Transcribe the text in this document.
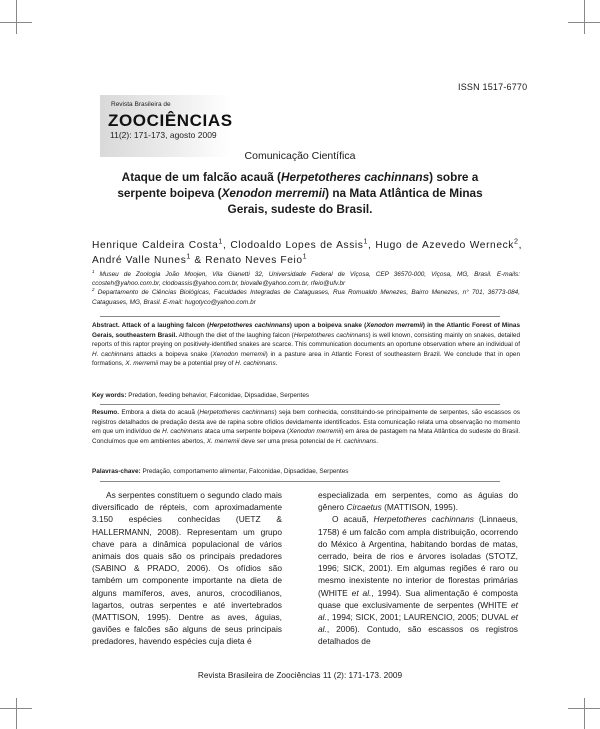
ISSN 1517-6770
Revista Brasileira de
ZOOCIÊNCIAS
11(2): 171-173, agosto 2009
Comunicação Científica
Ataque de um falcão acauã (Herpetotheres cachinnans) sobre a serpente boipeva (Xenodon merremii) na Mata Atlântica de Minas Gerais, sudeste do Brasil.
Henrique Caldeira Costa$^1$, Clodoaldo Lopes de Assis$^1$, Hugo de Azevedo Werneck$^2$, André Valle Nunes$^1$ & Renato Neves Feio$^1$
$^1$ Museu de Zoologia João Moojen, Vila Gianetti 32, Universidade Federal de Viçosa, CEP 36570-000, Viçosa, MG, Brasil. E-mails: ccosteh@yahoo.com.br, clodoassis@yahoo.com.br, biovalle@yahoo.com.br, rfeio@ufv.br
$^2$ Departamento de Ciências Biológicas, Faculdades Integradas de Cataguases, Rua Romualdo Menezes, Bairro Menezes, n° 701, 36773-084, Cataguases, MG, Brasil. E-mail: hugotyco@yahoo.com.br
Abstract. Attack of a laughing falcon (Herpetotheres cachinnans) upon a boipeva snake (Xenodon merremii) in the Atlantic Forest of Minas Gerais, southeastern Brasil. Although the diet of the laughing falcon (Herpetotheres cachinnans) is well known, consisting mainly on snakes, detailed reports of this raptor preying on positively-identified snakes are scarce. This communication documents an oportune observation where an individual of H. cachinnans attacks a boipeva snake (Xenodon merremii) in a pasture area in Atlantic Forest of southeastern Brazil. We conclude that in open formations, X. merremii may be a potential prey of H. cachinnans.
Key words: Predation, feeding behavior, Falconidae, Dipsadidae, Serpentes
Resumo. Embora a dieta do acauã (Herpetotheres cachinnans) seja bem conhecida, constituindo-se principalmente de serpentes, são escassos os registros detalhados de predação desta ave de rapina sobre ofídios devidamente identificados. Esta comunicação relata uma observação no momento em que um indivíduo de H. cachinnans ataca uma serpente boipeva (Xenodon merremii) em área de pastagem na Mata Atlântica do sudeste do Brasil. Concluímos que em ambientes abertos, X. merremii deve ser uma presa potencial de H. cachinnans.
Palavras-chave: Predação, comportamento alimentar, Falconidae, Dipsadidae, Serpentes

As serpentes constituem o segundo clado mais diversificado de répteis, com aproximadamente 3.150 espécies conhecidas (UETZ & HALLERMANN, 2008). Representam um grupo chave para a dinâmica populacional de vários animais dos quais são os principais predadores (SABINO & PRADO, 2006). Os ofídios são também um componente importante na dieta de alguns mamíferos, aves, anuros, crocodilianos, lagartos, outras serpentes e até invertebrados (MATTISON, 1995). Dentre as aves, águias, gaviões e falcões são alguns de seus principais predadores, havendo espécies cuja dieta é

especializada em serpentes, como as águias do gênero Circaetus (MATTISON, 1995).

O acauã, Herpetotheres cachinnans (Linnaeus, 1758) é um falcão com ampla distribuição, ocorrendo do México à Argentina, habitando bordas de matas, cerrado, beira de rios e árvores isoladas (STOTZ, 1996; SICK, 2001). Em algumas regiões é raro ou mesmo inexistente no interior de florestas primárias (WHITE et al., 1994). Sua alimentação é composta quase que exclusivamente de serpentes (WHITE et al., 1994; SICK, 2001; LAURENCIO, 2005; DUVAL et al., 2006). Contudo, são escassos os registros detalhados de

Revista Brasileira de Zoociências 11 (2): 171-173. 2009
